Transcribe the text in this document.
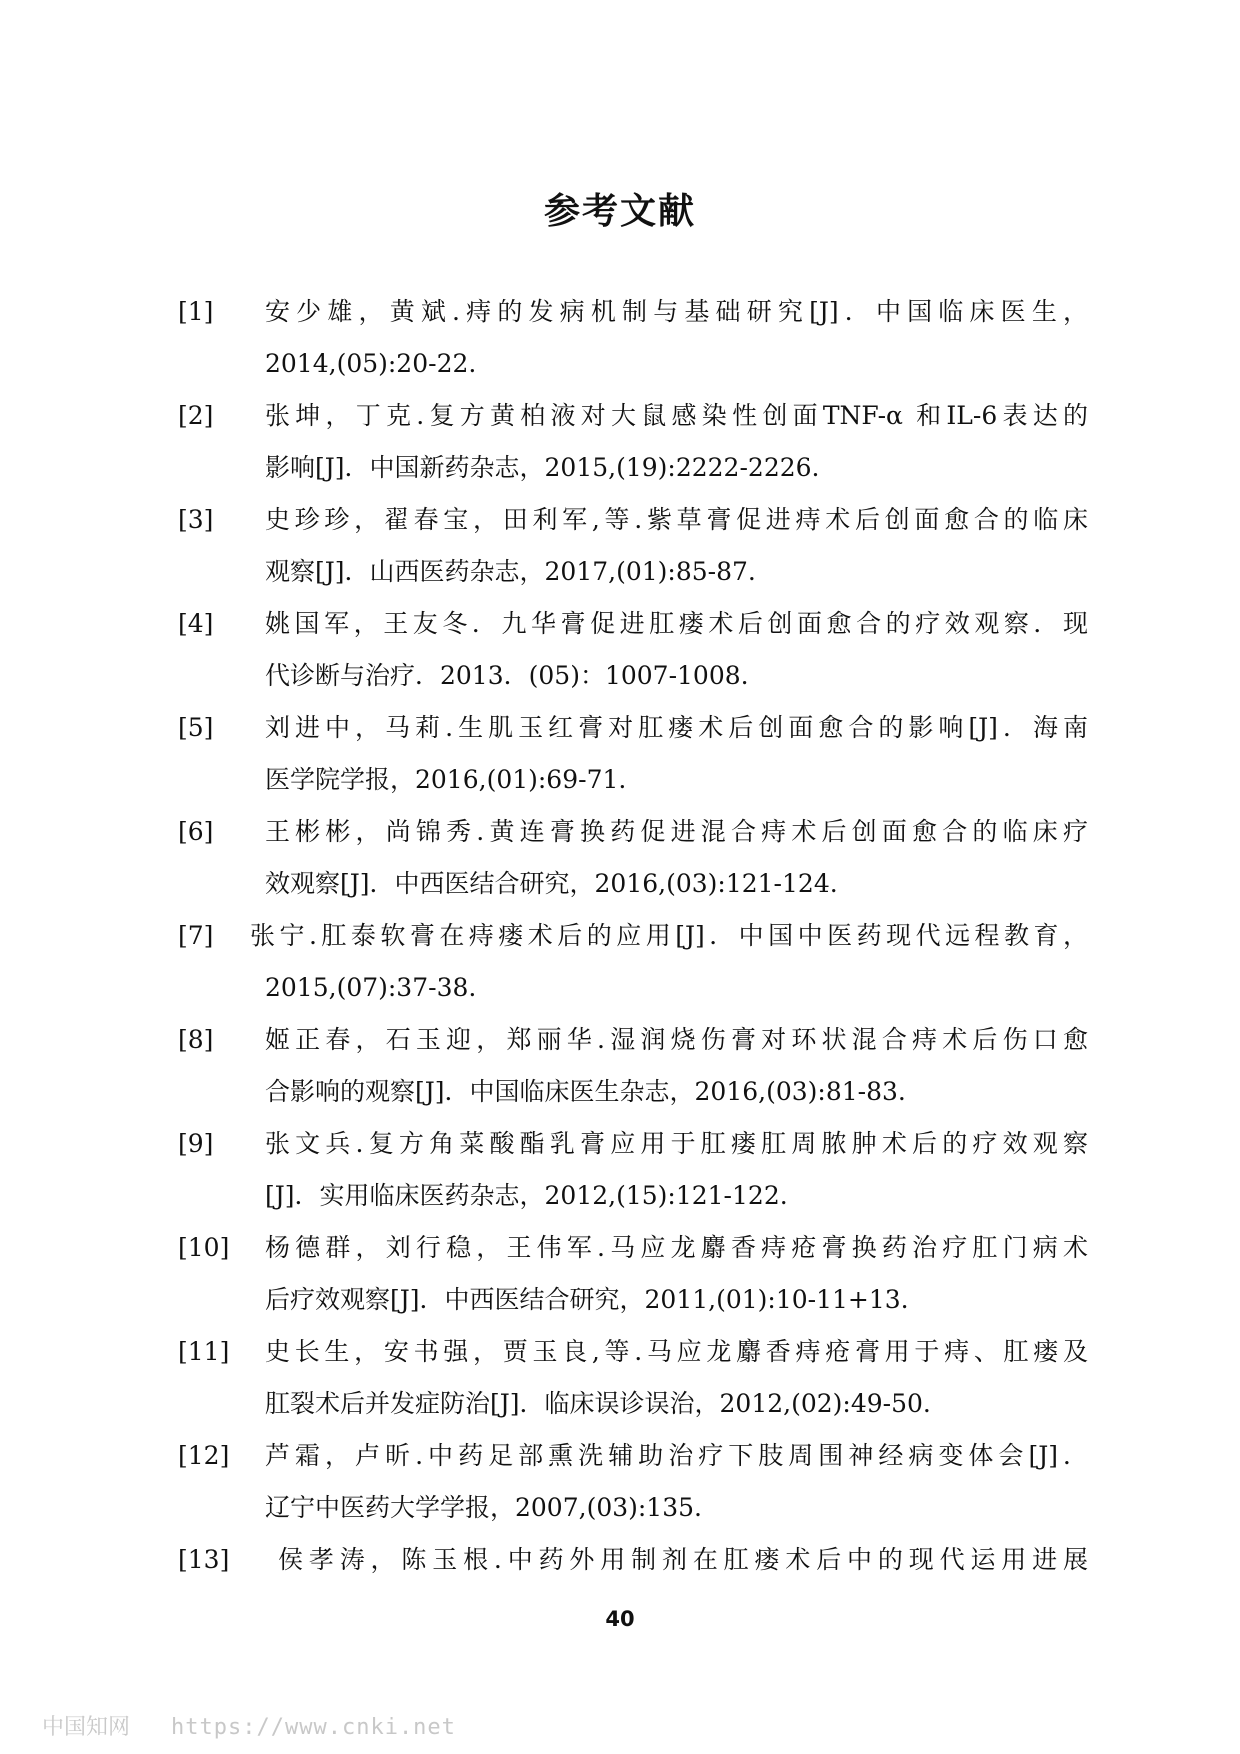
参考文献
[1] 安少雄，黄斌.痔的发病机制与基础研究[J]．中国临床医生，
2014,(05):20-22.
[2] 张坤，丁克.复方黄柏液对大鼠感染性创面TNF-α 和IL-6表达的
影响[J]．中国新药杂志，2015,(19):2222-2226.
[3] 史珍珍，翟春宝，田利军,等.紫草膏促进痔术后创面愈合的临床
观察[J]．山西医药杂志，2017,(01):85-87.
[4] 姚国军，王友冬．九华膏促进肛瘘术后创面愈合的疗效观察．现
代诊断与治疗．2013．(05)：1007-1008.
[5] 刘进中，马莉.生肌玉红膏对肛瘘术后创面愈合的影响[J]．海南
医学院学报，2016,(01):69-71.
[6] 王彬彬，尚锦秀.黄连膏换药促进混合痔术后创面愈合的临床疗
效观察[J]．中西医结合研究，2016,(03):121-124.
[7] 张宁.肛泰软膏在痔瘘术后的应用[J]．中国中医药现代远程教育，
2015,(07):37-38.
[8] 姬正春，石玉迎，郑丽华.湿润烧伤膏对环状混合痔术后伤口愈
合影响的观察[J]．中国临床医生杂志，2016,(03):81-83.
[9] 张文兵.复方角菜酸酯乳膏应用于肛瘘肛周脓肿术后的疗效观察
[J]．实用临床医药杂志，2012,(15):121-122.
[10] 杨德群，刘行稳，王伟军.马应龙麝香痔疮膏换药治疗肛门病术
后疗效观察[J]．中西医结合研究，2011,(01):10-11+13.
[11] 史长生，安书强，贾玉良,等.马应龙麝香痔疮膏用于痔、肛瘘及
肛裂术后并发症防治[J]．临床误诊误治，2012,(02):49-50.
[12] 芦霜，卢昕.中药足部熏洗辅助治疗下肢周围神经病变体会[J]．
辽宁中医药大学学报，2007,(03):135.
[13] 侯孝涛，陈玉根.中药外用制剂在肛瘘术后中的现代运用进展
40
中国知网 https://www.cnki.net
